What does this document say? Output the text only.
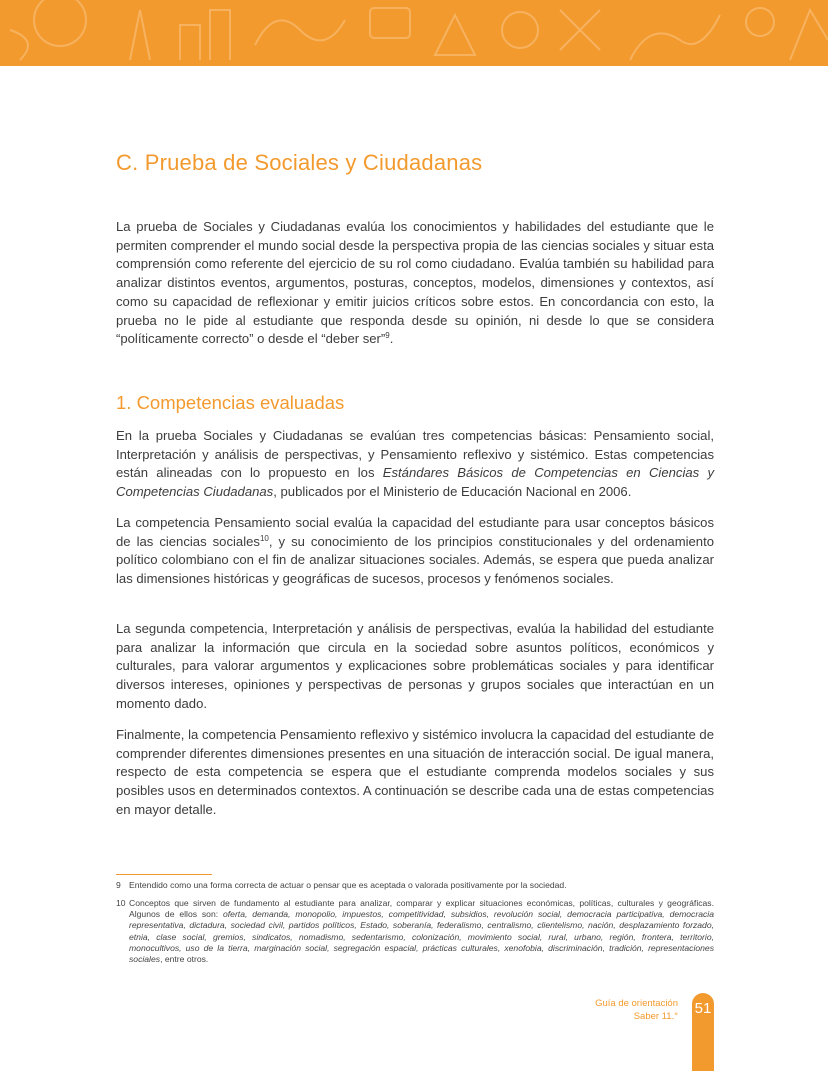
C. Prueba de Sociales y Ciudadanas

La prueba de Sociales y Ciudadanas evalúa los conocimientos y habilidades del estudiante que le permiten comprender el mundo social desde la perspectiva propia de las ciencias sociales y situar esta comprensión como referente del ejercicio de su rol como ciudadano. Evalúa también su habilidad para analizar distintos eventos, argumentos, posturas, conceptos, modelos, dimensiones y contextos, así como su capacidad de reflexionar y emitir juicios críticos sobre estos. En concordancia con esto, la prueba no le pide al estudiante que responda desde su opinión, ni desde lo que se considera “políticamente correcto” o desde el “deber ser”$^9$.

1. Competencias evaluadas

En la prueba Sociales y Ciudadanas se evalúan tres competencias básicas: Pensamiento social, Interpretación y análisis de perspectivas, y Pensamiento reflexivo y sistémico. Estas competencias están alineadas con lo propuesto en los Estándares Básicos de Competencias en Ciencias y Competencias Ciudadanas, publicados por el Ministerio de Educación Nacional en 2006.

La competencia Pensamiento social evalúa la capacidad del estudiante para usar conceptos básicos de las ciencias sociales$^{10}$, y su conocimiento de los principios constitucionales y del ordenamiento político colombiano con el fin de analizar situaciones sociales. Además, se espera que pueda analizar las dimensiones históricas y geográficas de sucesos, procesos y fenómenos sociales.

La segunda competencia, Interpretación y análisis de perspectivas, evalúa la habilidad del estudiante para analizar la información que circula en la sociedad sobre asuntos políticos, económicos y culturales, para valorar argumentos y explicaciones sobre problemáticas sociales y para identificar diversos intereses, opiniones y perspectivas de personas y grupos sociales que interactúan en un momento dado.

Finalmente, la competencia Pensamiento reflexivo y sistémico involucra la capacidad del estudiante de comprender diferentes dimensiones presentes en una situación de interacción social. De igual manera, respecto de esta competencia se espera que el estudiante comprenda modelos sociales y sus posibles usos en determinados contextos. A continuación se describe cada una de estas competencias en mayor detalle.

9 Entendido como una forma correcta de actuar o pensar que es aceptada o valorada positivamente por la sociedad.

10 Conceptos que sirven de fundamento al estudiante para analizar, comparar y explicar situaciones económicas, políticas, culturales y geográficas. Algunos de ellos son: oferta, demanda, monopolio, impuestos, competitividad, subsidios, revolución social, democracia participativa, democracia representativa, dictadura, sociedad civil, partidos políticos, Estado, soberanía, federalismo, centralismo, clientelismo, nación, desplazamiento forzado, etnia, clase social, gremios, sindicatos, nomadismo, sedentarismo, colonización, movimiento social, rural, urbano, región, frontera, territorio, monocultivos, uso de la tierra, marginación social, segregación espacial, prácticas culturales, xenofobia, discriminación, tradición, representaciones sociales, entre otros.

Guía de orientación

Saber 11.° 51
